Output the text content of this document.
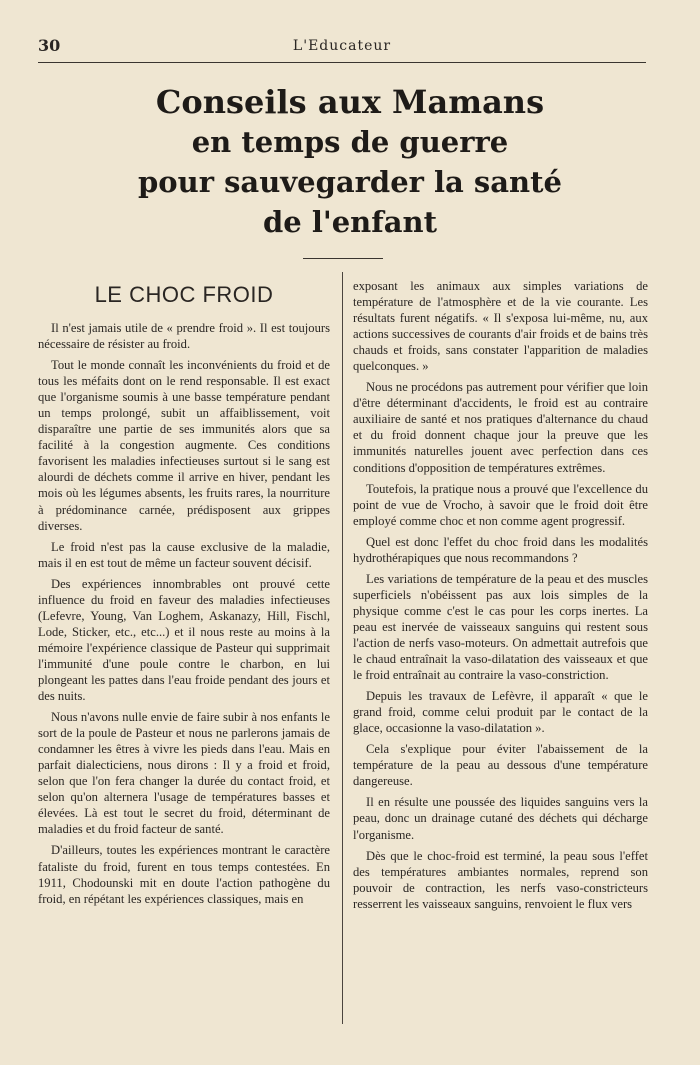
30	L'Educateur
Conseils aux Mamans
en temps de guerre
pour sauvegarder la santé
de l'enfant
LE CHOC FROID

Il n'est jamais utile de « prendre froid ». Il est toujours nécessaire de résister au froid.

Tout le monde connaît les inconvénients du froid et de tous les méfaits dont on le rend responsable. Il est exact que l'organisme soumis à une basse température pendant un temps prolongé, subit un affaiblissement, voit disparaître une partie de ses immunités alors que sa facilité à la congestion augmente. Ces conditions favorisent les maladies infectieuses surtout si le sang est alourdi de déchets comme il arrive en hiver, pendant les mois où les légumes absents, les fruits rares, la nourriture à prédominance carnée, prédisposent aux grippes diverses.

Le froid n'est pas la cause exclusive de la maladie, mais il en est tout de même un facteur souvent décisif.

Des expériences innombrables ont prouvé cette influence du froid en faveur des maladies infectieuses (Lefevre, Young, Van Loghem, Askanazy, Hill, Fischl, Lode, Sticker, etc., etc...) et il nous reste au moins à la mémoire l'expérience classique de Pasteur qui supprimait l'immunité d'une poule contre le charbon, en lui plongeant les pattes dans l'eau froide pendant des jours et des nuits.

Nous n'avons nulle envie de faire subir à nos enfants le sort de la poule de Pasteur et nous ne parlerons jamais de condamner les êtres à vivre les pieds dans l'eau. Mais en parfait dialecticiens, nous dirons : Il y a froid et froid, selon que l'on fera changer la durée du contact froid, et selon qu'on alternera l'usage de températures basses et élevées. Là est tout le secret du froid, déterminant de maladies et du froid facteur de santé.

D'ailleurs, toutes les expériences montrant le caractère fataliste du froid, furent en tous temps contestées. En 1911, Chodounski mit en doute l'action pathogène du froid, en répétant les expériences classiques, mais en

exposant les animaux aux simples variations de température de l'atmosphère et de la vie courante. Les résultats furent négatifs. « Il s'exposa lui-même, nu, aux actions successives de courants d'air froids et de bains très chauds et froids, sans constater l'apparition de maladies quelconques. »

Nous ne procédons pas autrement pour vérifier que loin d'être déterminant d'accidents, le froid est au contraire auxiliaire de santé et nos pratiques d'alternance du chaud et du froid donnent chaque jour la preuve que les immunités naturelles jouent avec perfection dans ces conditions d'opposition de températures extrêmes.

Toutefois, la pratique nous a prouvé que l'excellence du point de vue de Vrocho, à savoir que le froid doit être employé comme choc et non comme agent progressif.

Quel est donc l'effet du choc froid dans les modalités hydrothérapiques que nous recommandons ?

Les variations de température de la peau et des muscles superficiels n'obéissent pas aux lois simples de la physique comme c'est le cas pour les corps inertes. La peau est inervée de vaisseaux sanguins qui restent sous l'action de nerfs vaso-moteurs. On admettait autrefois que le chaud entraînait la vaso-dilatation des vaisseaux et que le froid entraînait au contraire la vaso-constriction.

Depuis les travaux de Lefèvre, il apparaît « que le grand froid, comme celui produit par le contact de la glace, occasionne la vaso-dilatation ».

Cela s'explique pour éviter l'abaissement de la température de la peau au dessous d'une température dangereuse.

Il en résulte une poussée des liquides sanguins vers la peau, donc un drainage cutané des déchets qui décharge l'organisme.

Dès que le choc-froid est terminé, la peau sous l'effet des températures ambiantes normales, reprend son pouvoir de contraction, les nerfs vaso-constricteurs resserrent les vaisseaux sanguins, renvoient le flux vers
